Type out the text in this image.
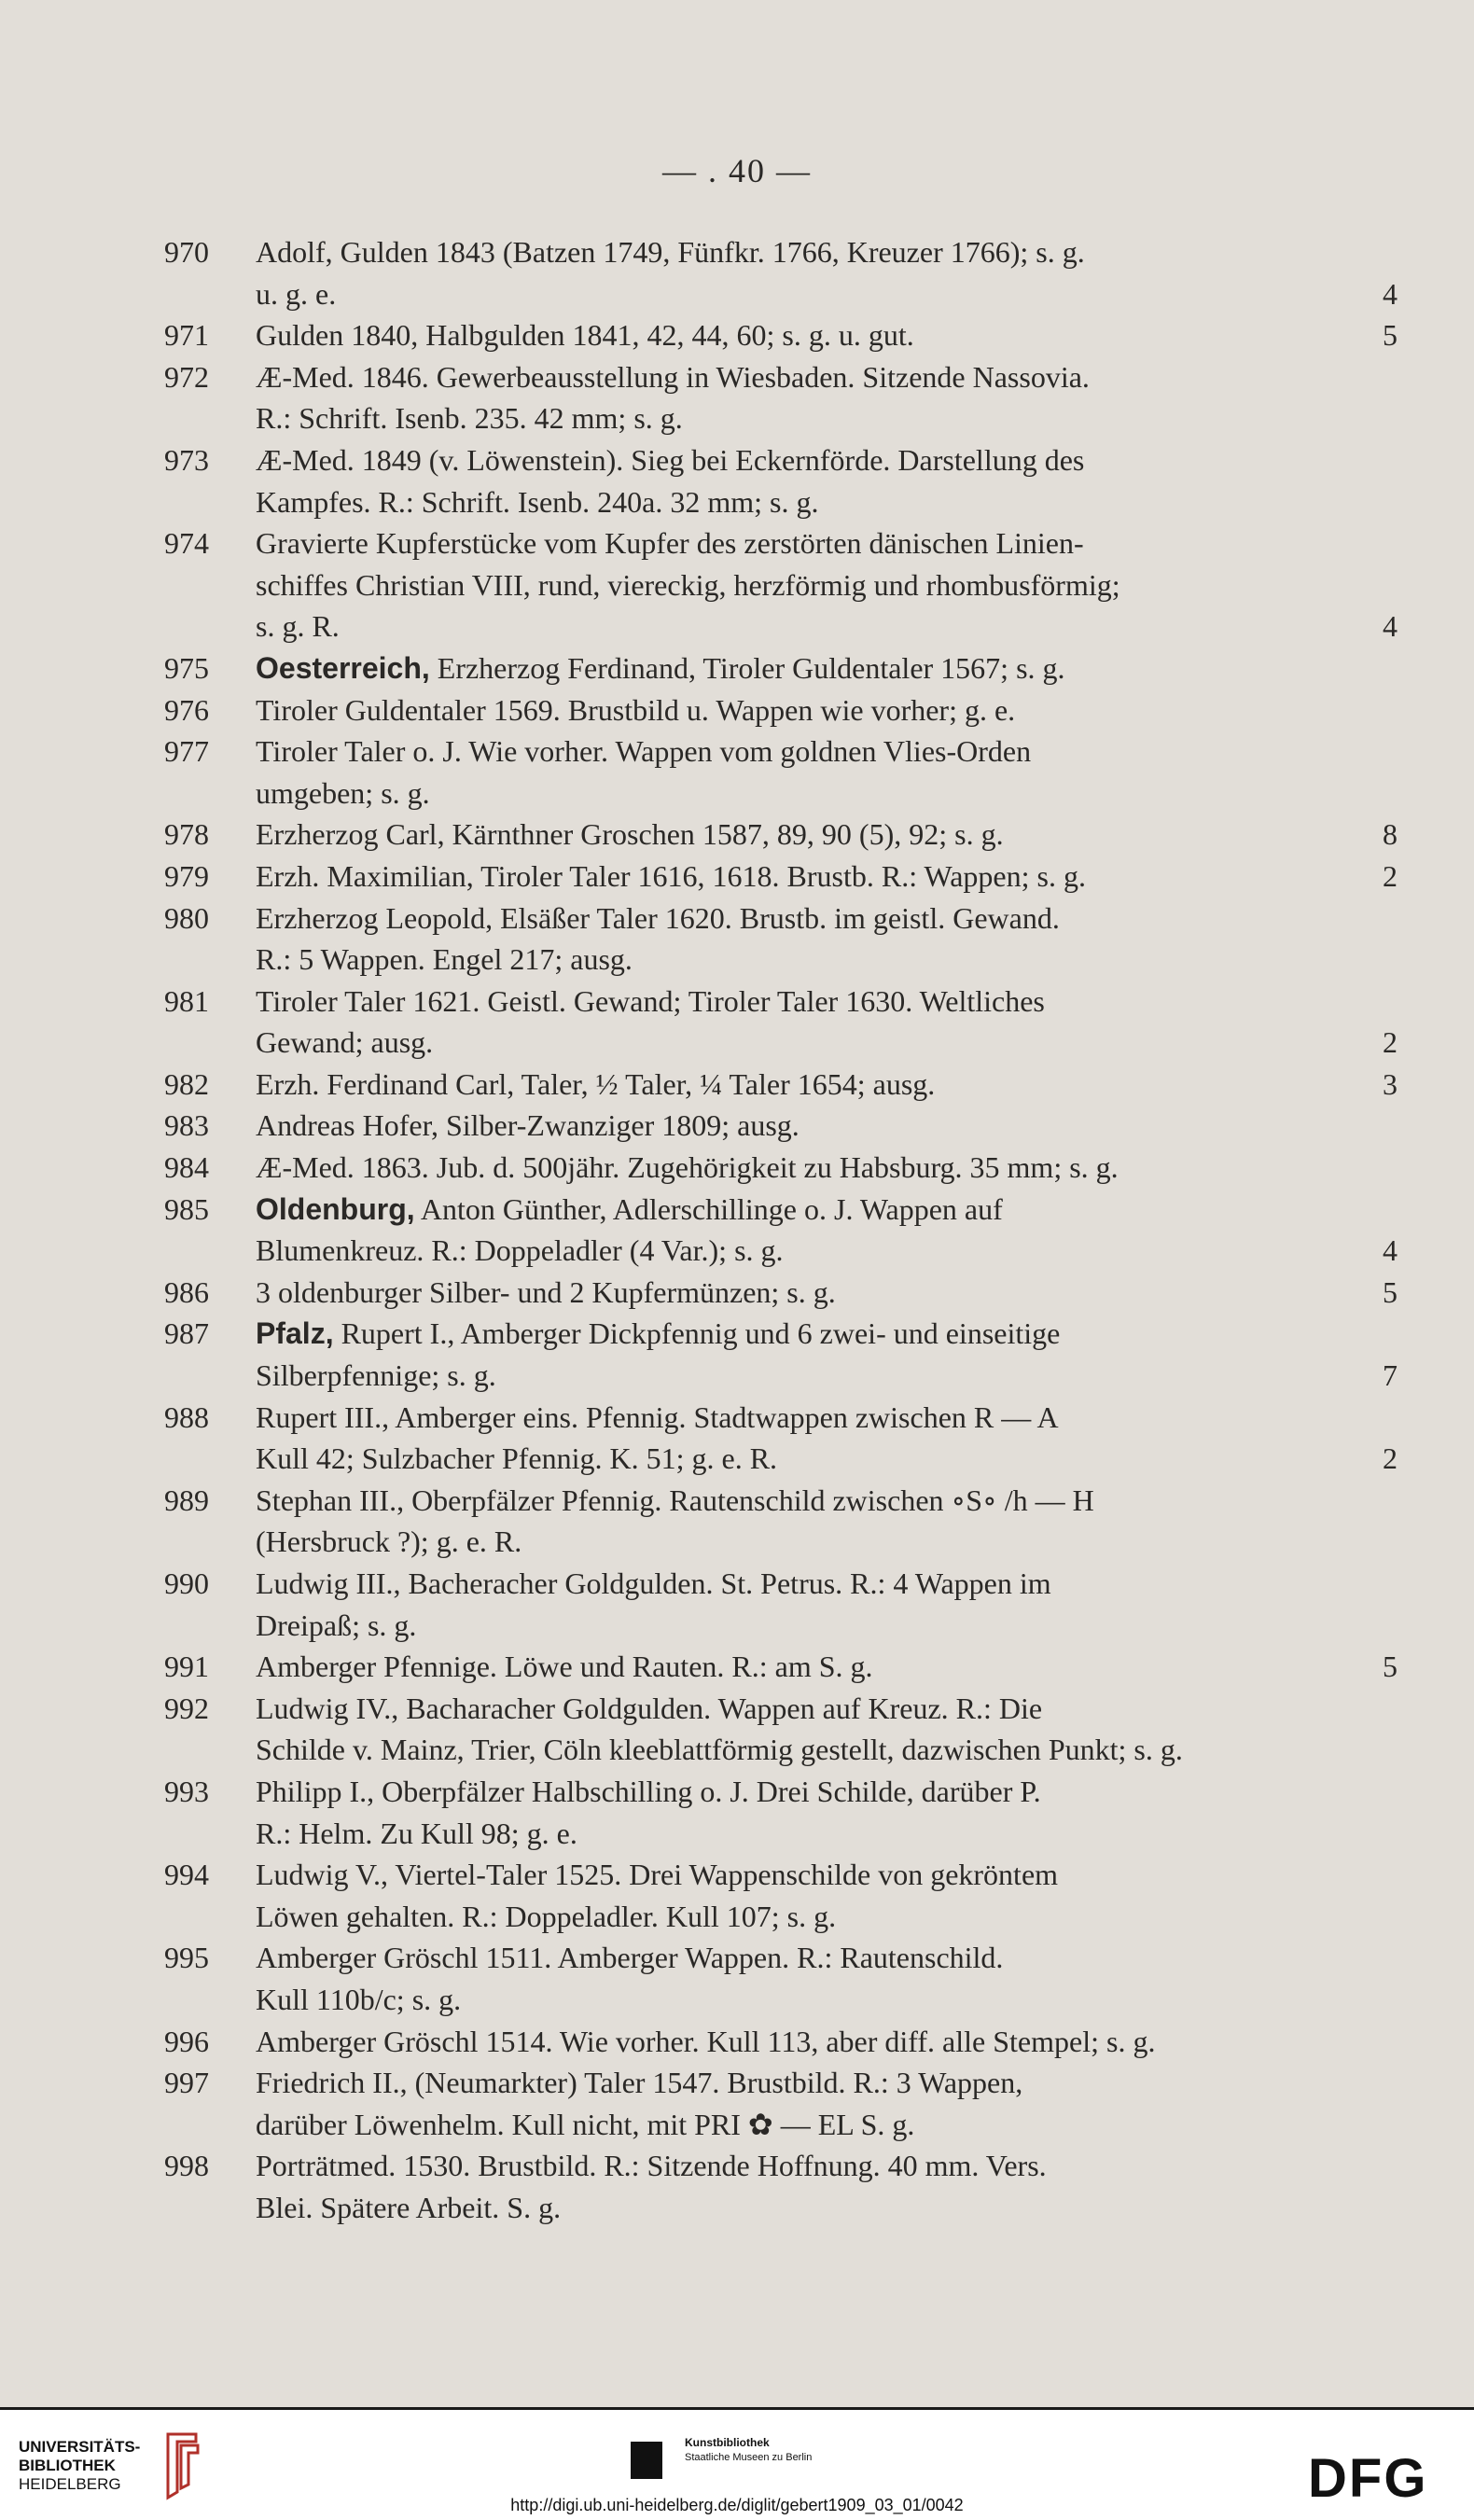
— . 40 —
970	Adolf, Gulden 1843 (Batzen 1749, Fünfkr. 1766, Kreuzer 1766); s. g.
u. g. e.	4
971	Gulden 1840, Halbgulden 1841, 42, 44, 60; s. g. u. gut.	5
972	Æ-Med. 1846. Gewerbeausstellung in Wiesbaden. Sitzende Nassovia.
R.: Schrift. Isenb. 235. 42 mm; s. g.
973	Æ-Med. 1849 (v. Löwenstein). Sieg bei Eckernförde. Darstellung des
Kampfes. R.: Schrift. Isenb. 240a. 32 mm; s. g.
974	Gravierte Kupferstücke vom Kupfer des zerstörten dänischen Linien-
schiffes Christian VIII, rund, viereckig, herzförmig und rhombusförmig;
s. g. R.	4
975	Oesterreich, Erzherzog Ferdinand, Tiroler Guldentaler 1567; s. g.
976	Tiroler Guldentaler 1569. Brustbild u. Wappen wie vorher; g. e.
977	Tiroler Taler o. J. Wie vorher. Wappen vom goldnen Vlies-Orden
umgeben; s. g.
978	Erzherzog Carl, Kärnthner Groschen 1587, 89, 90 (5), 92; s. g.	8
979	Erzh. Maximilian, Tiroler Taler 1616, 1618. Brustb. R.: Wappen; s. g.	2
980	Erzherzog Leopold, Elsäßer Taler 1620. Brustb. im geistl. Gewand.
R.: 5 Wappen. Engel 217; ausg.
981	Tiroler Taler 1621. Geistl. Gewand; Tiroler Taler 1630. Weltliches
Gewand; ausg.	2
982	Erzh. Ferdinand Carl, Taler, ½ Taler, ¼ Taler 1654; ausg.	3
983	Andreas Hofer, Silber-Zwanziger 1809; ausg.
984	Æ-Med. 1863. Jub. d. 500jähr. Zugehörigkeit zu Habsburg. 35 mm; s. g.
985	Oldenburg, Anton Günther, Adlerschillinge o. J. Wappen auf
Blumenkreuz. R.: Doppeladler (4 Var.); s. g.	4
986	3 oldenburger Silber- und 2 Kupfermünzen; s. g.	5
987	Pfalz, Rupert I., Amberger Dickpfennig und 6 zwei- und einseitige
Silberpfennige; s. g.	7
988	Rupert III., Amberger eins. Pfennig. Stadtwappen zwischen R — A
Kull 42; Sulzbacher Pfennig. K. 51; g. e. R.	2
989	Stephan III., Oberpfälzer Pfennig. Rautenschild zwischen ∘S∘ /h — H
(Hersbruck ?); g. e. R.
990	Ludwig III., Bacheracher Goldgulden. St. Petrus. R.: 4 Wappen im
Dreipaß; s. g.
991	Amberger Pfennige. Löwe und Rauten. R.: am S. g.	5
992	Ludwig IV., Bacharacher Goldgulden. Wappen auf Kreuz. R.: Die
Schilde v. Mainz, Trier, Cöln kleeblattförmig gestellt, dazwischen Punkt; s. g.
993	Philipp I., Oberpfälzer Halbschilling o. J. Drei Schilde, darüber P.
R.: Helm. Zu Kull 98; g. e.
994	Ludwig V., Viertel-Taler 1525. Drei Wappenschilde von gekröntem
Löwen gehalten. R.: Doppeladler. Kull 107; s. g.
995	Amberger Gröschl 1511. Amberger Wappen. R.: Rautenschild.
Kull 110b/c; s. g.
996	Amberger Gröschl 1514. Wie vorher. Kull 113, aber diff. alle Stempel; s. g.
997	Friedrich II., (Neumarkter) Taler 1547. Brustbild. R.: 3 Wappen,
darüber Löwenhelm. Kull nicht, mit PRI ✿ — EL S. g.
998	Porträtmed. 1530. Brustbild. R.: Sitzende Hoffnung. 40 mm. Vers.
Blei. Spätere Arbeit. S. g.
UNIVERSITÄTS-
BIBLIOTHEK
HEIDELBERG
Kunstbibliothek
Staatliche Museen zu Berlin	DFG
http://digi.ub.uni-heidelberg.de/diglit/gebert1909_03_01/0042
